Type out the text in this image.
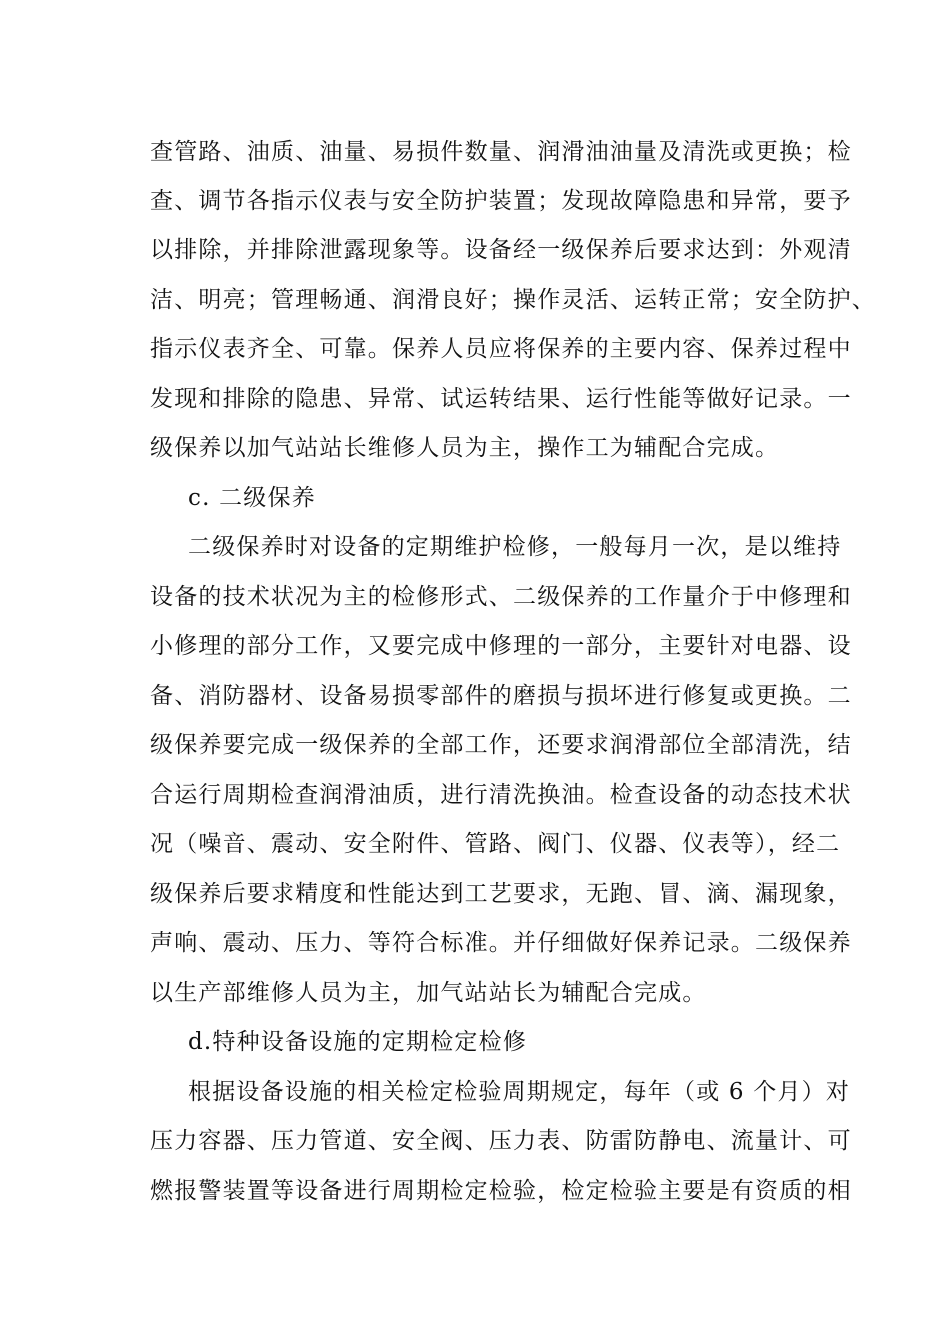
查管路、油质、油量、易损件数量、润滑油油量及清洗或更换；检
查、调节各指示仪表与安全防护装置；发现故障隐患和异常，要予
以排除，并排除泄露现象等。设备经一级保养后要求达到：外观清
洁、明亮；管理畅通、润滑良好；操作灵活、运转正常；安全防护、
指示仪表齐全、可靠。保养人员应将保养的主要内容、保养过程中
发现和排除的隐患、异常、试运转结果、运行性能等做好记录。一
级保养以加气站站长维修人员为主，操作工为辅配合完成。
c. 二级保养
二级保养时对设备的定期维护检修，一般每月一次，是以维持
设备的技术状况为主的检修形式、二级保养的工作量介于中修理和
小修理的部分工作，又要完成中修理的一部分，主要针对电器、设
备、消防器材、设备易损零部件的磨损与损坏进行修复或更换。二
级保养要完成一级保养的全部工作，还要求润滑部位全部清洗，结
合运行周期检查润滑油质，进行清洗换油。检查设备的动态技术状
况（噪音、震动、安全附件、管路、阀门、仪器、仪表等），经二
级保养后要求精度和性能达到工艺要求，无跑、冒、滴、漏现象，
声响、震动、压力、等符合标准。并仔细做好保养记录。二级保养
以生产部维修人员为主，加气站站长为辅配合完成。
d.特种设备设施的定期检定检修
根据设备设施的相关检定检验周期规定，每年（或 6 个月）对
压力容器、压力管道、安全阀、压力表、防雷防静电、流量计、可
燃报警装置等设备进行周期检定检验，检定检验主要是有资质的相
